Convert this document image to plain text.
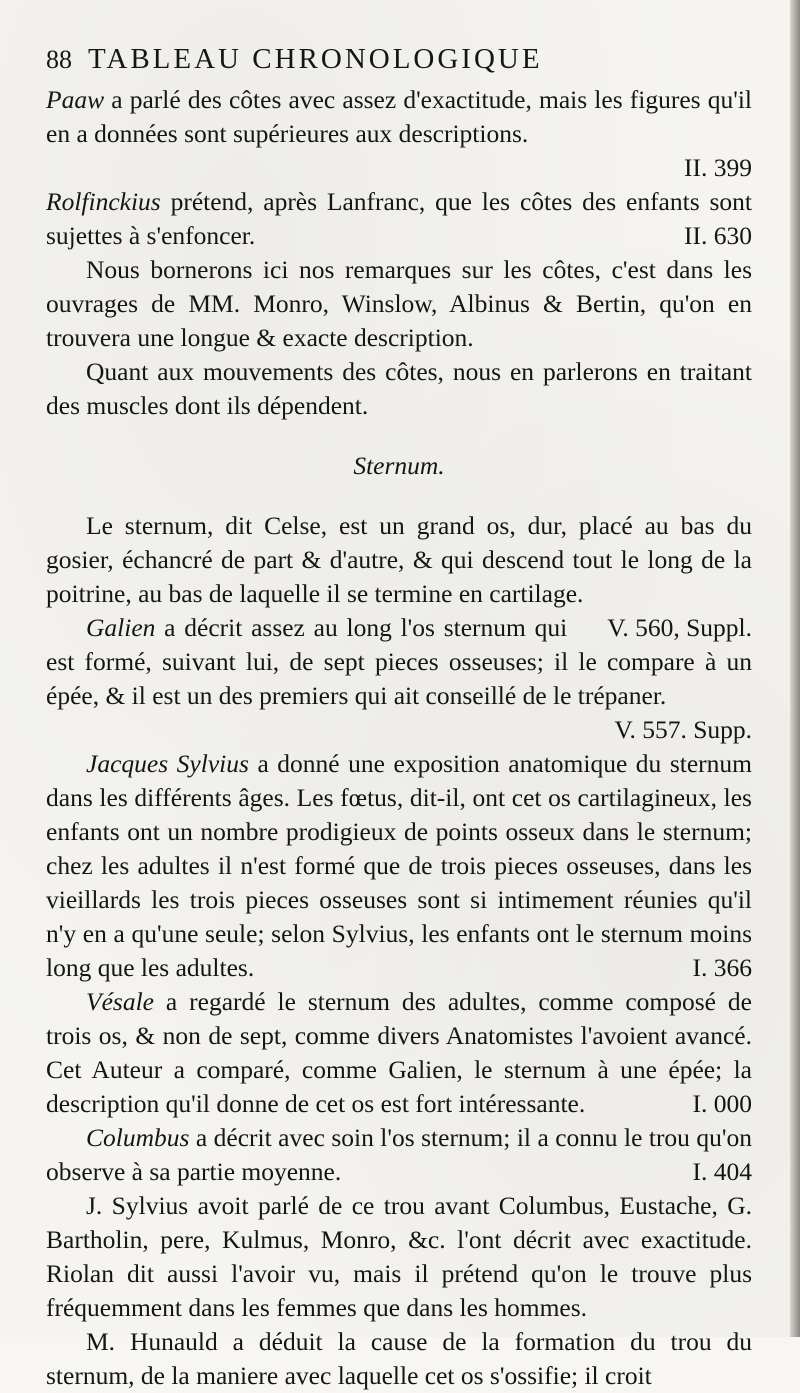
88 TABLEAU CHRONOLOGIQUE

Paaw a parlé des côtes avec assez d'exactitude, mais les figures qu'il en a données sont supérieures aux descriptions.

II. 399

Rolfinckius prétend, après Lanfranc, que les côtes des enfants sont sujettes à s'enfoncer.	II. 630

Nous bornerons ici nos remarques sur les côtes, c'est dans les ouvrages de MM. Monro, Winslow, Albinus & Bertin, qu'on en trouvera une longue & exacte description.

Quant aux mouvements des côtes, nous en parlerons en traitant des muscles dont ils dépendent.

Sternum.

Le sternum, dit Celse, est un grand os, dur, placé au bas du gosier, échancré de part & d'autre, & qui descend tout le long de la poitrine, au bas de laquelle il se termine en cartilage.
V. 560, Suppl.

Galien a décrit assez au long l'os sternum qui est formé, suivant lui, de sept pieces osseuses; il le compare à un épée, & il est un des premiers qui ait conseillé de le trépaner.

V. 557. Supp.

Jacques Sylvius a donné une exposition anatomique du sternum dans les différents âges. Les fœtus, dit-il, ont cet os cartilagineux, les enfants ont un nombre prodigieux de points osseux dans le sternum; chez les adultes il n'est formé que de trois pieces osseuses, dans les vieillards les trois pieces osseuses sont si intimement réunies qu'il n'y en a qu'une seule; selon Sylvius, les enfants ont le sternum moins long que les adultes.	I. 366

Vésale a regardé le sternum des adultes, comme composé de trois os, & non de sept, comme divers Anatomistes l'avoient avancé. Cet Auteur a comparé, comme Galien, le sternum à une épée; la description qu'il donne de cet os est fort intéressante.	I. 000

Columbus a décrit avec soin l'os sternum; il a connu le trou qu'on observe à sa partie moyenne.	I. 404

J. Sylvius avoit parlé de ce trou avant Columbus, Eustache, G. Bartholin, pere, Kulmus, Monro, &c. l'ont décrit avec exactitude. Riolan dit aussi l'avoir vu, mais il prétend qu'on le trouve plus fréquemment dans les femmes que dans les hommes.

M. Hunauld a déduit la cause de la formation du trou du sternum, de la maniere avec laquelle cet os s'ossifie; il croit
